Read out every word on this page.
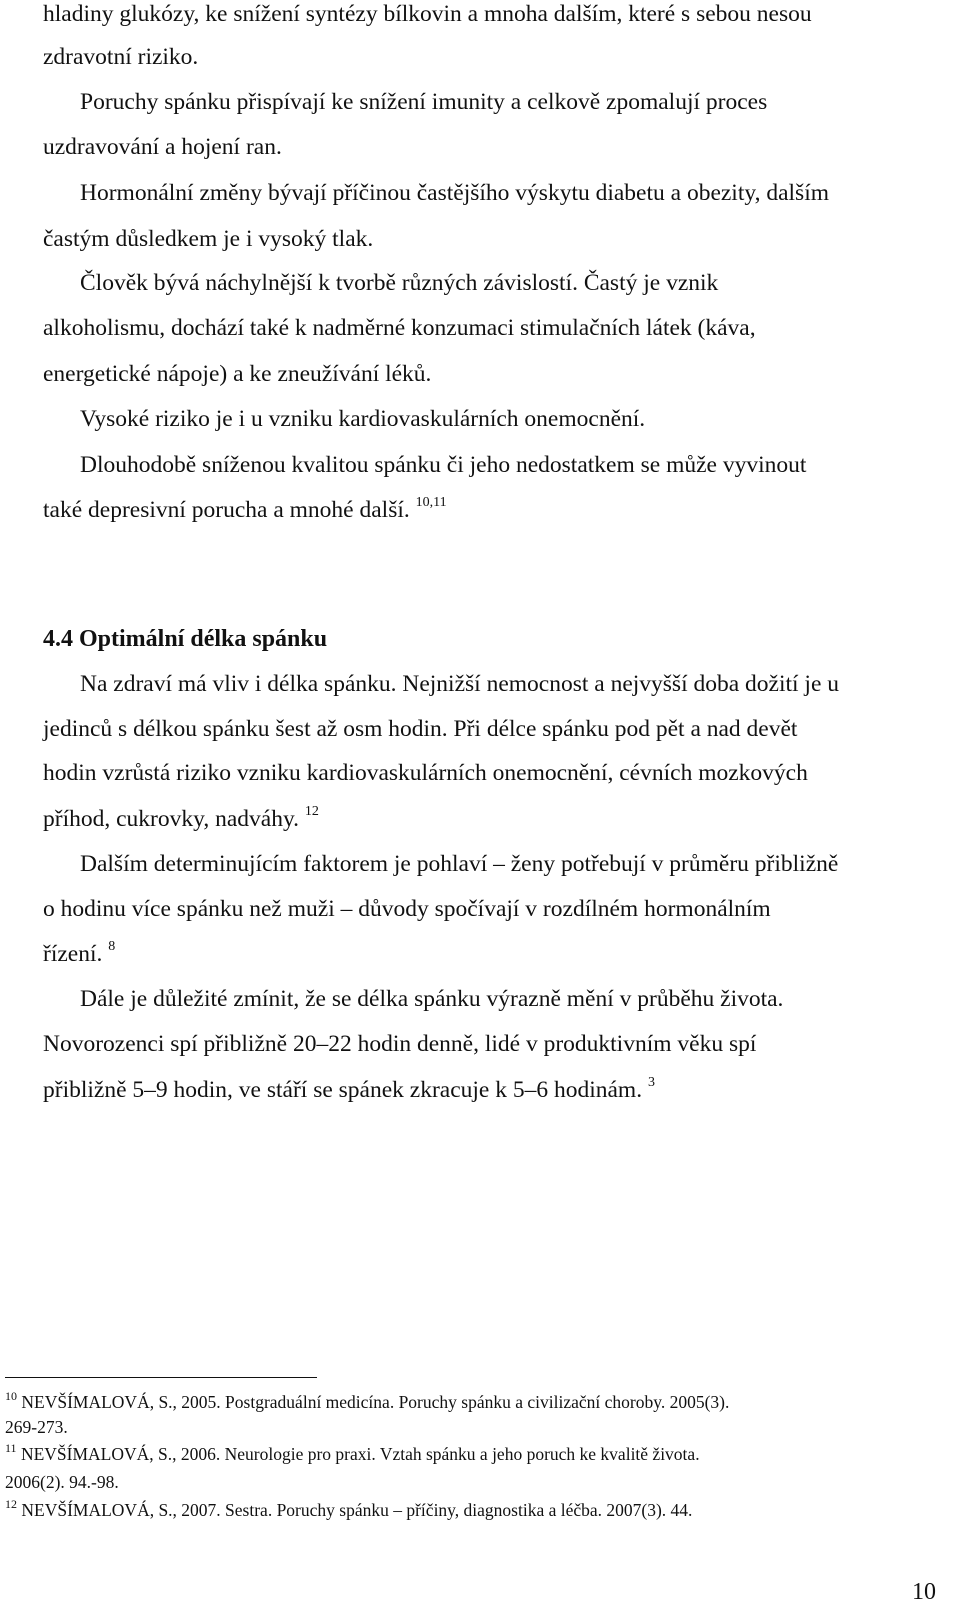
hladiny glukózy, ke snížení syntézy bílkovin a mnoha dalším, které s sebou nesou

zdravotní riziko.

Poruchy spánku přispívají ke snížení imunity a celkově zpomalují proces

uzdravování a hojení ran.

Hormonální změny bývají příčinou častějšího výskytu diabetu a obezity, dalším

častým důsledkem je i vysoký tlak.

Člověk bývá náchylnější k tvorbě různých závislostí. Častý je vznik

alkoholismu, dochází také k nadměrné konzumaci stimulačních látek (káva,

energetické nápoje) a ke zneužívání léků.

Vysoké riziko je i u vzniku kardiovaskulárních onemocnění.

Dlouhodobě sníženou kvalitou spánku či jeho nedostatkem se může vyvinout

také depresivní porucha a mnohé další. $^{10,11}$

4.4 Optimální délka spánku

Na zdraví má vliv i délka spánku. Nejnižší nemocnost a nejvyšší doba dožití je u

jedinců s délkou spánku šest až osm hodin. Při délce spánku pod pět a nad devět

hodin vzrůstá riziko vzniku kardiovaskulárních onemocnění, cévních mozkových

příhod, cukrovky, nadváhy. $^{12}$

Dalším determinujícím faktorem je pohlaví – ženy potřebují v průměru přibližně

o hodinu více spánku než muži – důvody spočívají v rozdílném hormonálním

řízení. $^8$

Dále je důležité zmínit, že se délka spánku výrazně mění v průběhu života.

Novorozenci spí přibližně 20–22 hodin denně, lidé v produktivním věku spí

přibližně 5–9 hodin, ve stáří se spánek zkracuje k 5–6 hodinám. $^3$

$^{10}$ NEVŠÍMALOVÁ, S., 2005. Postgraduální medicína. Poruchy spánku a civilizační choroby. 2005(3).

269-273.

$^{11}$ NEVŠÍMALOVÁ, S., 2006. Neurologie pro praxi. Vztah spánku a jeho poruch ke kvalitě života.

2006(2). 94.-98.

$^{12}$ NEVŠÍMALOVÁ, S., 2007. Sestra. Poruchy spánku – příčiny, diagnostika a léčba. 2007(3). 44.

10
